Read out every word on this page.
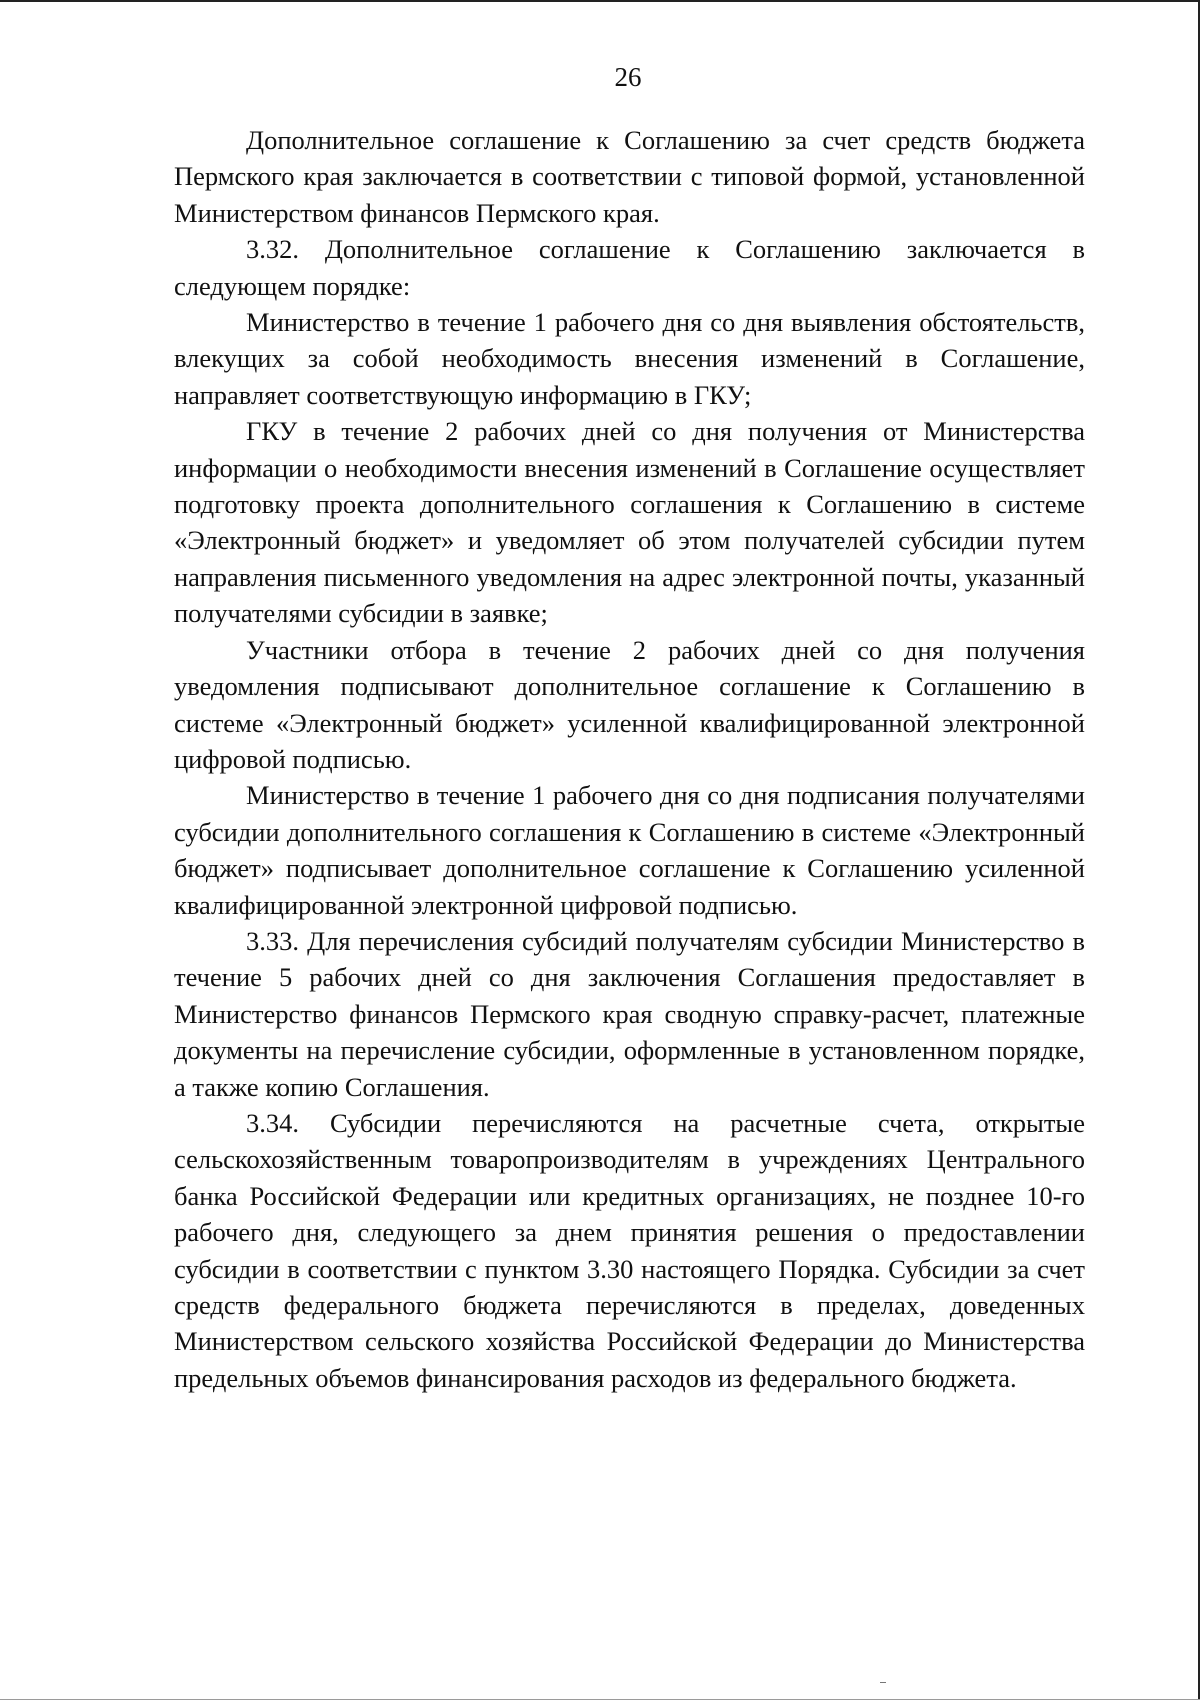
26

Дополнительное соглашение к Соглашению за счет средств бюджета Пермского края заключается в соответствии с типовой формой, установленной Министерством финансов Пермского края.

3.32. Дополнительное соглашение к Соглашению заключается в следующем порядке:

Министерство в течение 1 рабочего дня со дня выявления обстоятельств, влекущих за собой необходимость внесения изменений в Соглашение, направляет соответствующую информацию в ГКУ;

ГКУ в течение 2 рабочих дней со дня получения от Министерства информации о необходимости внесения изменений в Соглашение осуществляет подготовку проекта дополнительного соглашения к Соглашению в системе «Электронный бюджет» и уведомляет об этом получателей субсидии путем направления письменного уведомления на адрес электронной почты, указанный получателями субсидии в заявке;

Участники отбора в течение 2 рабочих дней со дня получения уведомления подписывают дополнительное соглашение к Соглашению в системе «Электронный бюджет» усиленной квалифицированной электронной цифровой подписью.

Министерство в течение 1 рабочего дня со дня подписания получателями субсидии дополнительного соглашения к Соглашению в системе «Электронный бюджет» подписывает дополнительное соглашение к Соглашению усиленной квалифицированной электронной цифровой подписью.

3.33. Для перечисления субсидий получателям субсидии Министерство в течение 5 рабочих дней со дня заключения Соглашения предоставляет в Министерство финансов Пермского края сводную справку-расчет, платежные документы на перечисление субсидии, оформленные в установленном порядке, а также копию Соглашения.

3.34. Субсидии перечисляются на расчетные счета, открытые сельскохозяйственным товаропроизводителям в учреждениях Центрального банка Российской Федерации или кредитных организациях, не позднее 10-го рабочего дня, следующего за днем принятия решения о предоставлении субсидии в соответствии с пунктом 3.30 настоящего Порядка. Субсидии за счет средств федерального бюджета перечисляются в пределах, доведенных Министерством сельского хозяйства Российской Федерации до Министерства предельных объемов финансирования расходов из федерального бюджета.
